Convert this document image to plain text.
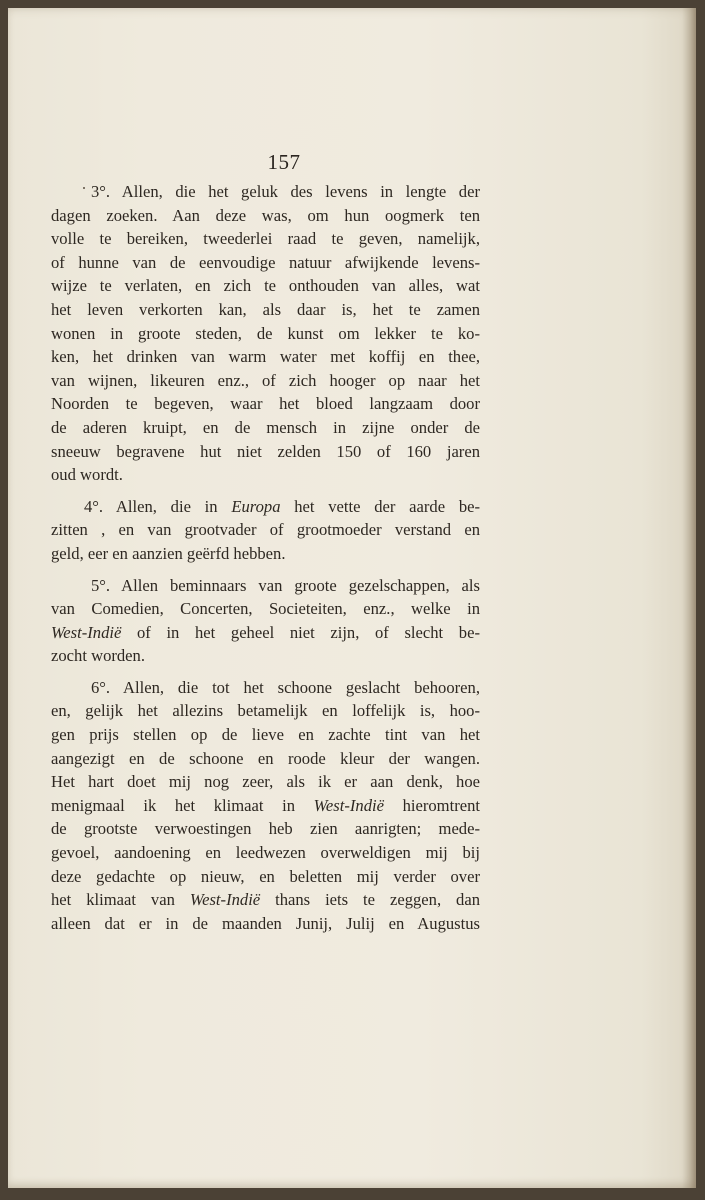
157
3°. Allen, die het geluk des levens in lengte der
dagen zoeken. Aan deze was, om hun oogmerk ten
volle te bereiken, tweederlei raad te geven, namelijk,
of hunne van de eenvoudige natuur afwijkende levens-
wijze te verlaten, en zich te onthouden van alles, wat
het leven verkorten kan, als daar is, het te zamen
wonen in groote steden, de kunst om lekker te ko-
ken, het drinken van warm water met koffij en thee,
van wijnen, likeuren enz., of zich hooger op naar het
Noorden te begeven, waar het bloed langzaam door
de aderen kruipt, en de mensch in zijne onder de
sneeuw begravene hut niet zelden 150 of 160 jaren
oud wordt.
4°. Allen, die in Europa het vette der aarde be-
zitten , en van grootvader of grootmoeder verstand en
geld, eer en aanzien geërfd hebben.
5°. Allen beminnaars van groote gezelschappen, als
van Comedien, Concerten, Societeiten, enz., welke in
West-Indië of in het geheel niet zijn, of slecht be-
zocht worden.
6°. Allen, die tot het schoone geslacht behooren,
en, gelijk het allezins betamelijk en loffelijk is, hoo-
gen prijs stellen op de lieve en zachte tint van het
aangezigt en de schoone en roode kleur der wangen.
Het hart doet mij nog zeer, als ik er aan denk, hoe
menigmaal ik het klimaat in West-Indië hieromtrent
de grootste verwoestingen heb zien aanrigten; mede-
gevoel, aandoening en leedwezen overweldigen mij bij
deze gedachte op nieuw, en beletten mij verder over
het klimaat van West-Indië thans iets te zeggen, dan
alleen dat er in de maanden Junij, Julij en Augustus
